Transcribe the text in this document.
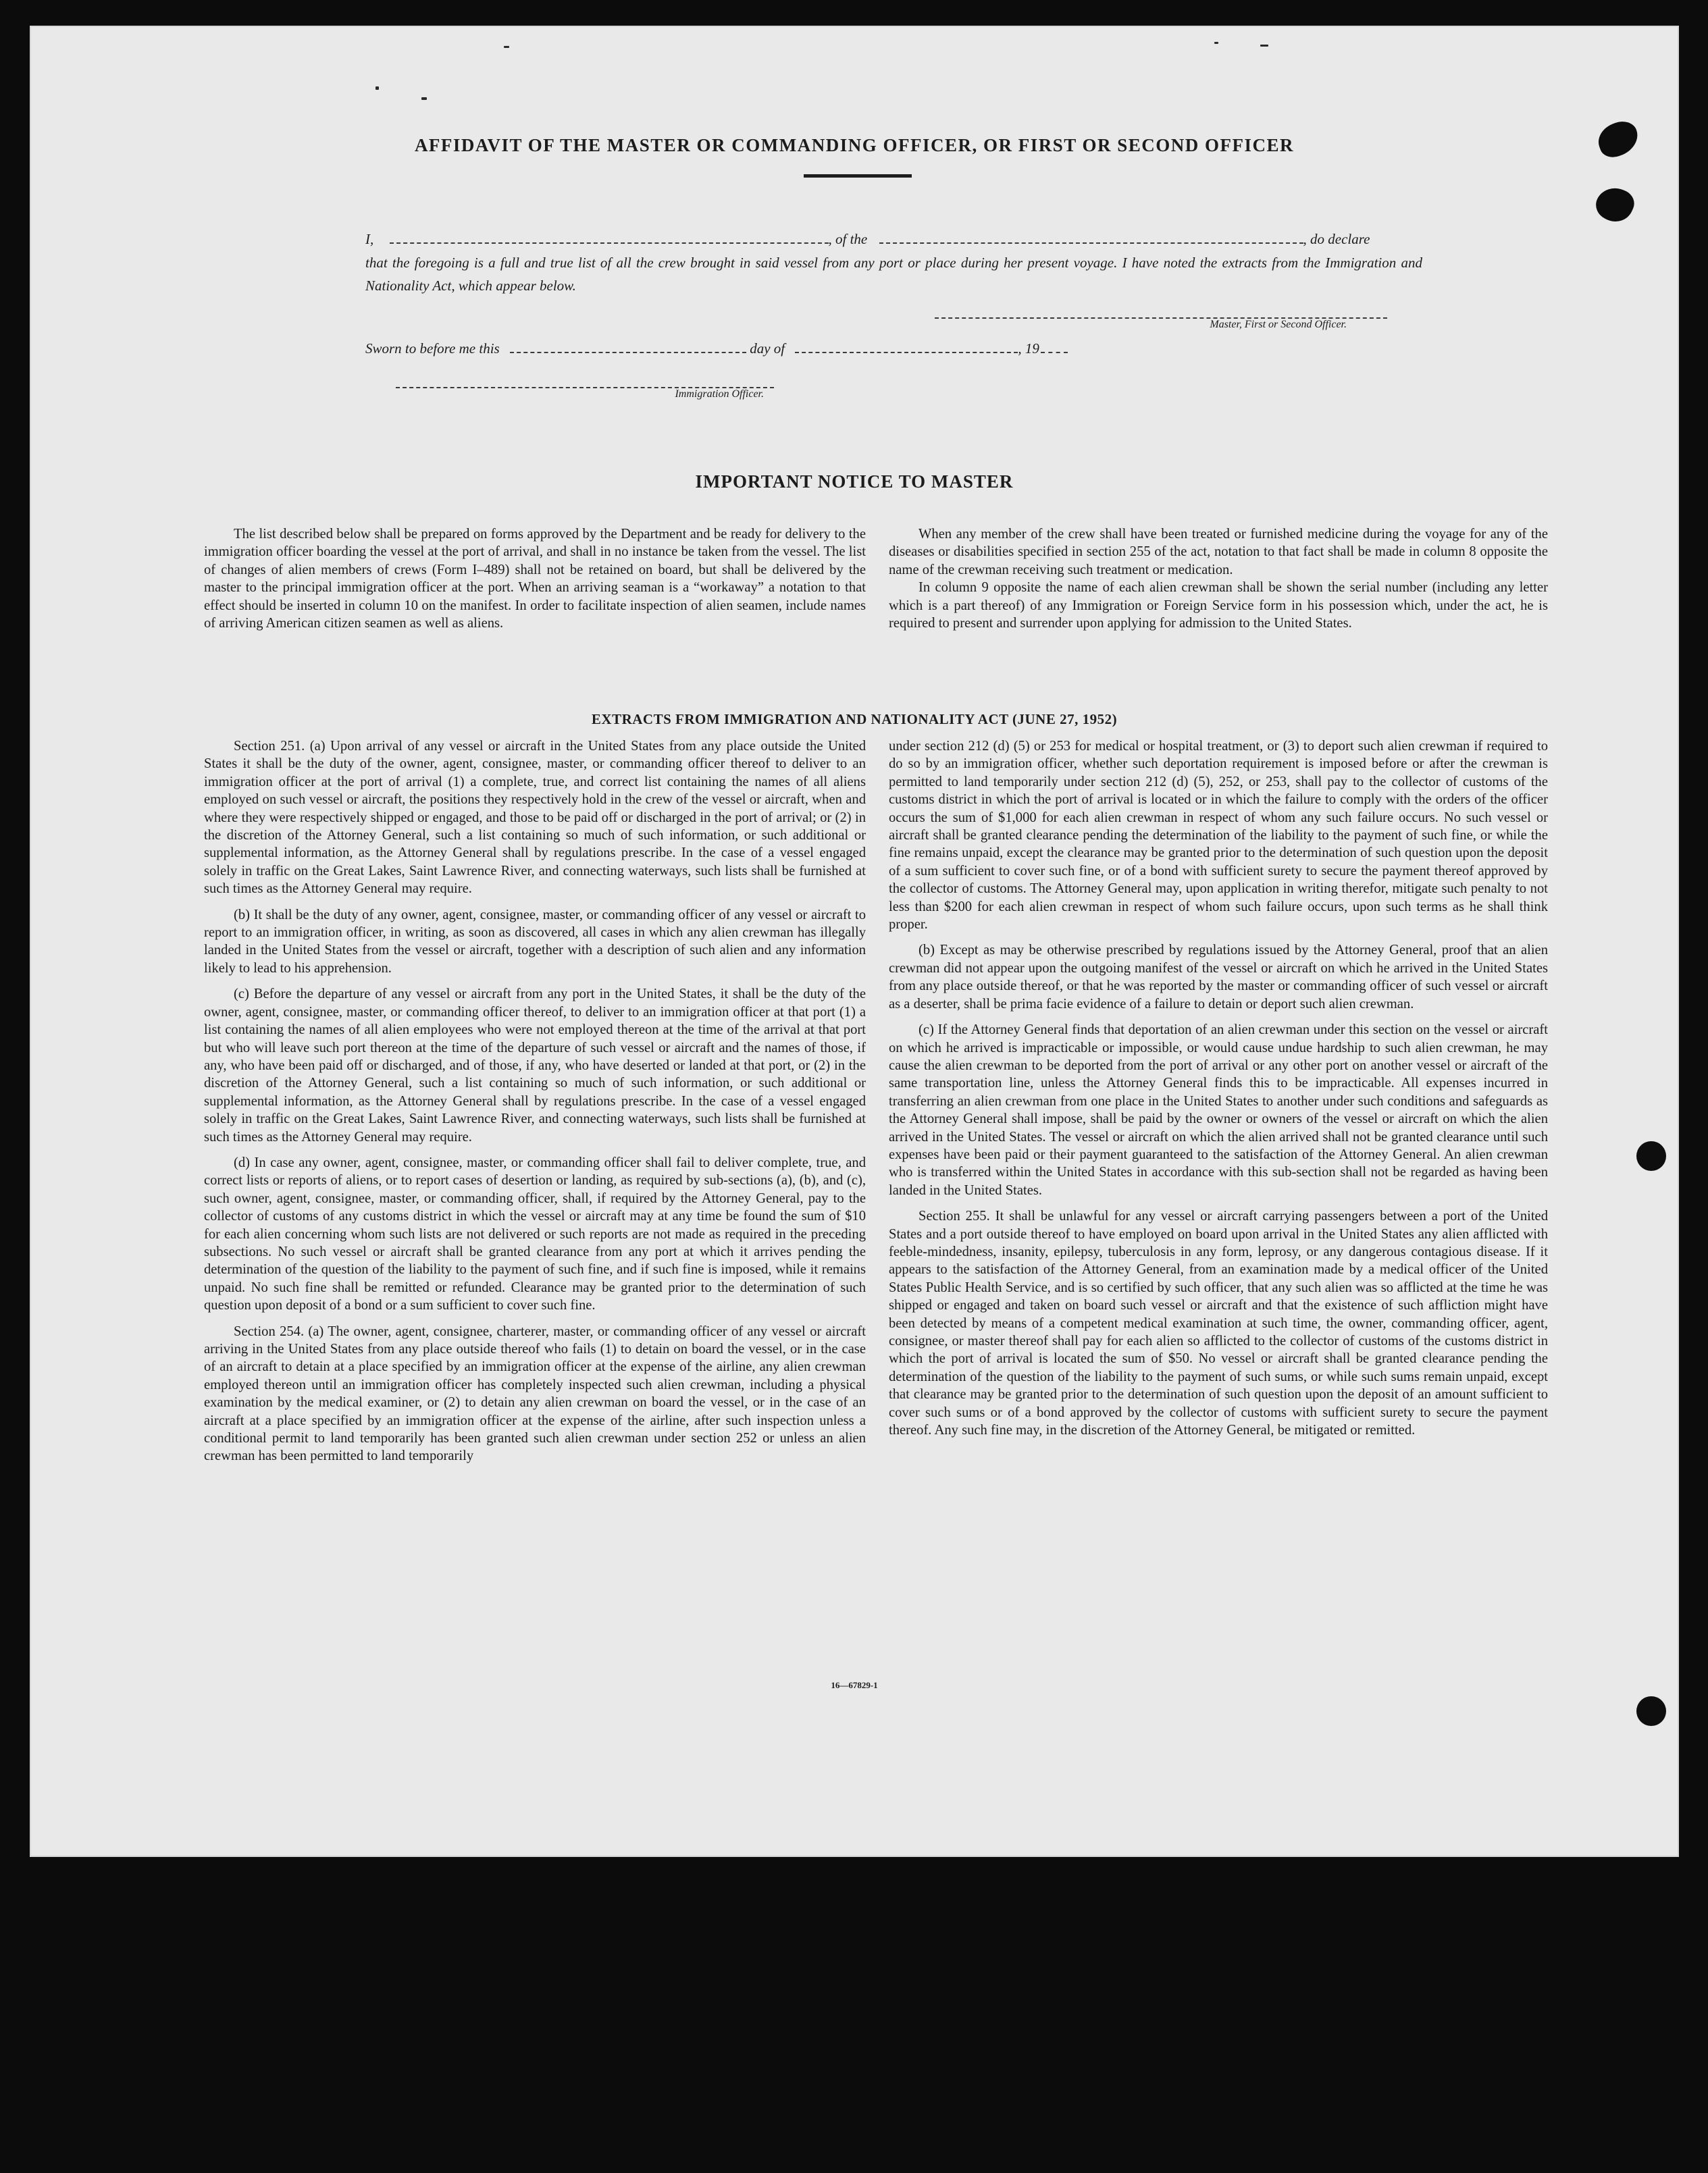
AFFIDAVIT OF THE MASTER OR COMMANDING OFFICER, OR FIRST OR SECOND OFFICER
I,	, of the	, do declare
that the foregoing is a full and true list of all the crew brought in said vessel from any port or place during her present voyage. I have noted the extracts from the Immigration and Nationality Act, which appear below.
Master, First or Second Officer.
Sworn to before me this	day of	, 19
Immigration Officer.
IMPORTANT NOTICE TO MASTER

The list described below shall be prepared on forms approved by the Department and be ready for delivery to the immigration officer boarding the vessel at the port of arrival, and shall in no instance be taken from the vessel. The list of changes of alien members of crews (Form I–489) shall not be retained on board, but shall be delivered by the master to the principal immigration officer at the port. When an arriving seaman is a “workaway” a notation to that effect should be inserted in column 10 on the manifest. In order to facilitate inspection of alien seamen, include names of arriving American citizen seamen as well as aliens.

When any member of the crew shall have been treated or furnished medicine during the voyage for any of the diseases or disabilities specified in section 255 of the act, notation to that fact shall be made in column 8 opposite the name of the crewman receiving such treatment or medication.

In column 9 opposite the name of each alien crewman shall be shown the serial number (including any letter which is a part thereof) of any Immigration or Foreign Service form in his possession which, under the act, he is required to present and surrender upon applying for admission to the United States.

EXTRACTS FROM IMMIGRATION AND NATIONALITY ACT (JUNE 27, 1952)

Section 251. (a) Upon arrival of any vessel or aircraft in the United States from any place outside the United States it shall be the duty of the owner, agent, consignee, master, or commanding officer thereof to deliver to an immigration officer at the port of arrival (1) a complete, true, and correct list containing the names of all aliens employed on such vessel or aircraft, the positions they respectively hold in the crew of the vessel or aircraft, when and where they were respectively shipped or engaged, and those to be paid off or discharged in the port of arrival; or (2) in the discretion of the Attorney General, such a list containing so much of such information, or such additional or supplemental information, as the Attorney General shall by regulations prescribe. In the case of a vessel engaged solely in traffic on the Great Lakes, Saint Lawrence River, and connecting waterways, such lists shall be furnished at such times as the Attorney General may require.

(b) It shall be the duty of any owner, agent, consignee, master, or commanding officer of any vessel or aircraft to report to an immigration officer, in writing, as soon as discovered, all cases in which any alien crewman has illegally landed in the United States from the vessel or aircraft, together with a description of such alien and any information likely to lead to his apprehension.

(c) Before the departure of any vessel or aircraft from any port in the United States, it shall be the duty of the owner, agent, consignee, master, or commanding officer thereof, to deliver to an immigration officer at that port (1) a list containing the names of all alien employees who were not employed thereon at the time of the arrival at that port but who will leave such port thereon at the time of the departure of such vessel or aircraft and the names of those, if any, who have been paid off or discharged, and of those, if any, who have deserted or landed at that port, or (2) in the discretion of the Attorney General, such a list containing so much of such information, or such additional or supplemental information, as the Attorney General shall by regulations prescribe. In the case of a vessel engaged solely in traffic on the Great Lakes, Saint Lawrence River, and connecting waterways, such lists shall be furnished at such times as the Attorney General may require.

(d) In case any owner, agent, consignee, master, or commanding officer shall fail to deliver complete, true, and correct lists or reports of aliens, or to report cases of desertion or landing, as required by sub-sections (a), (b), and (c), such owner, agent, consignee, master, or commanding officer, shall, if required by the Attorney General, pay to the collector of customs of any customs district in which the vessel or aircraft may at any time be found the sum of $10 for each alien concerning whom such lists are not delivered or such reports are not made as required in the preceding subsections. No such vessel or aircraft shall be granted clearance from any port at which it arrives pending the determination of the question of the liability to the payment of such fine, and if such fine is imposed, while it remains unpaid. No such fine shall be remitted or refunded. Clearance may be granted prior to the determination of such question upon deposit of a bond or a sum sufficient to cover such fine.

Section 254. (a) The owner, agent, consignee, charterer, master, or commanding officer of any vessel or aircraft arriving in the United States from any place outside thereof who fails (1) to detain on board the vessel, or in the case of an aircraft to detain at a place specified by an immigration officer at the expense of the airline, any alien crewman employed thereon until an immigration officer has completely inspected such alien crewman, including a physical examination by the medical examiner, or (2) to detain any alien crewman on board the vessel, or in the case of an aircraft at a place specified by an immigration officer at the expense of the airline, after such inspection unless a conditional permit to land temporarily has been granted such alien crewman under section 252 or unless an alien crewman has been permitted to land temporarily

under section 212 (d) (5) or 253 for medical or hospital treatment, or (3) to deport such alien crewman if required to do so by an immigration officer, whether such deportation requirement is imposed before or after the crewman is permitted to land temporarily under section 212 (d) (5), 252, or 253, shall pay to the collector of customs of the customs district in which the port of arrival is located or in which the failure to comply with the orders of the officer occurs the sum of $1,000 for each alien crewman in respect of whom any such failure occurs. No such vessel or aircraft shall be granted clearance pending the determination of the liability to the payment of such fine, or while the fine remains unpaid, except the clearance may be granted prior to the determination of such question upon the deposit of a sum sufficient to cover such fine, or of a bond with sufficient surety to secure the payment thereof approved by the collector of customs. The Attorney General may, upon application in writing therefor, mitigate such penalty to not less than $200 for each alien crewman in respect of whom such failure occurs, upon such terms as he shall think proper.

(b) Except as may be otherwise prescribed by regulations issued by the Attorney General, proof that an alien crewman did not appear upon the outgoing manifest of the vessel or aircraft on which he arrived in the United States from any place outside thereof, or that he was reported by the master or commanding officer of such vessel or aircraft as a deserter, shall be prima facie evidence of a failure to detain or deport such alien crewman.

(c) If the Attorney General finds that deportation of an alien crewman under this section on the vessel or aircraft on which he arrived is impracticable or impossible, or would cause undue hardship to such alien crewman, he may cause the alien crewman to be deported from the port of arrival or any other port on another vessel or aircraft of the same transportation line, unless the Attorney General finds this to be impracticable. All expenses incurred in transferring an alien crewman from one place in the United States to another under such conditions and safeguards as the Attorney General shall impose, shall be paid by the owner or owners of the vessel or aircraft on which the alien arrived in the United States. The vessel or aircraft on which the alien arrived shall not be granted clearance until such expenses have been paid or their payment guaranteed to the satisfaction of the Attorney General. An alien crewman who is transferred within the United States in accordance with this sub-section shall not be regarded as having been landed in the United States.

Section 255. It shall be unlawful for any vessel or aircraft carrying passengers between a port of the United States and a port outside thereof to have employed on board upon arrival in the United States any alien afflicted with feeble-mindedness, insanity, epilepsy, tuberculosis in any form, leprosy, or any dangerous contagious disease. If it appears to the satisfaction of the Attorney General, from an examination made by a medical officer of the United States Public Health Service, and is so certified by such officer, that any such alien was so afflicted at the time he was shipped or engaged and taken on board such vessel or aircraft and that the existence of such affliction might have been detected by means of a competent medical examination at such time, the owner, commanding officer, agent, consignee, or master thereof shall pay for each alien so afflicted to the collector of customs of the customs district in which the port of arrival is located the sum of $50. No vessel or aircraft shall be granted clearance pending the determination of the question of the liability to the payment of such sums, or while such sums remain unpaid, except that clearance may be granted prior to the determination of such question upon the deposit of an amount sufficient to cover such sums or of a bond approved by the collector of customs with sufficient surety to secure the payment thereof. Any such fine may, in the discretion of the Attorney General, be mitigated or remitted.

16—67829-1
